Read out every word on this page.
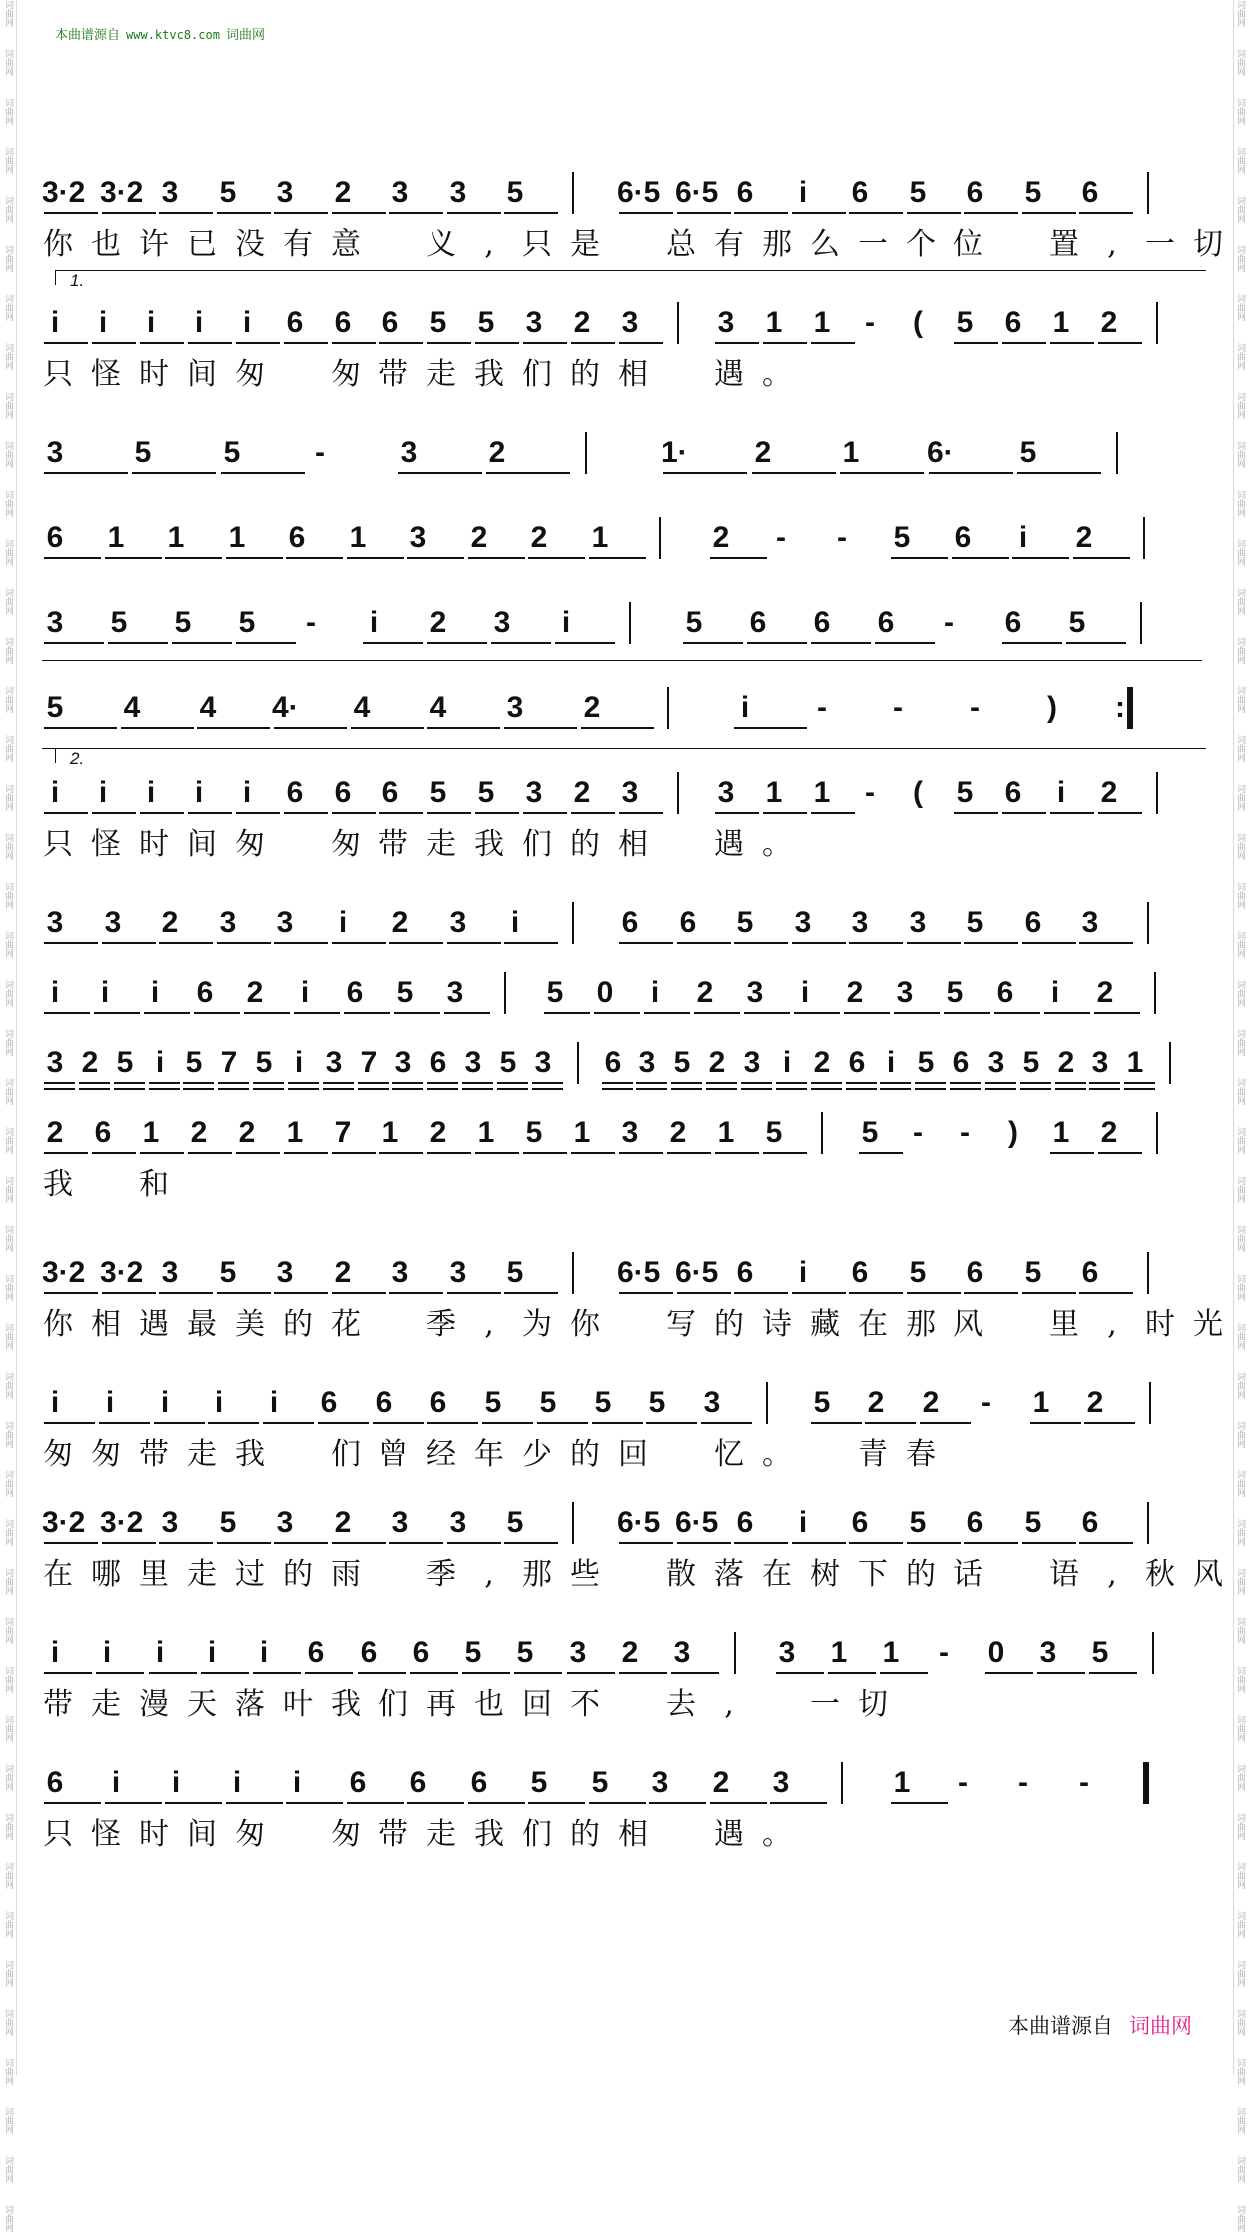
词曲网
词曲网
词曲网
词曲网
词曲网
词曲网
词曲网
词曲网
词曲网
词曲网
词曲网
词曲网
词曲网
词曲网
词曲网
词曲网
词曲网
词曲网
词曲网
词曲网
词曲网
词曲网
词曲网
词曲网
词曲网
词曲网
词曲网
词曲网
词曲网
词曲网
词曲网
词曲网
词曲网
词曲网
词曲网
词曲网
词曲网
词曲网
词曲网
词曲网
词曲网
词曲网
词曲网
词曲网
词曲网
词曲网
词曲网
词曲网
词曲网
词曲网
词曲网
词曲网
词曲网
词曲网
词曲网
词曲网
词曲网
词曲网
词曲网
词曲网
词曲网
词曲网
词曲网
词曲网
词曲网
词曲网
词曲网
词曲网
词曲网
词曲网
词曲网
词曲网
词曲网
词曲网
词曲网
词曲网
词曲网
词曲网
词曲网
词曲网
词曲网
词曲网
词曲网
词曲网
词曲网
词曲网
词曲网
词曲网
词曲网
词曲网
词曲网
词曲网
本曲谱源自 www.ktvc8.com 词曲网
3·2 3·2 3 5 3 2 3 3 5	6·5 6·5 6 i 6 5 6 5 6
你 也 许 已 没 有 意 义 , 只 是 总 有 那 么 一 个 位 置 , 一 切
i i i i i 6 6 6 5 5 3 2 3	3 1 1 - ( 5 6 1 2
只 怪 时 间 匆 匆 带 走 我 们 的 相 遇 。
3 5 5 -	3 2	1· 2 1 6· 5
6 1 1 1 6 1 3 2 2 1	2 - - 5 6 i 2
3 5 5 5 - i 2 3 i	5 6 6 6 - 6 5
5 4 4 4· 4 4 3 2	i - - - ) :
i i i i i 6 6 6 5 5 3 2 3	3 1 1 - ( 5 6 i 2
只 怪 时 间 匆 匆 带 走 我 们 的 相 遇 。
3 3 2 3 3 i 2 3 i	6 6 5 3 3 3 5 6 3
i i i 6 2 i 6 5 3	5 0 i 2 3 i 2 3 5 6 i 2
3 2 5 i 5 7 5 i 3 7 3 6 3 5 3 6 3 5 2 3 i 2 6 i 5 6 3 5 2 3 1
2 6 1 2 2 1 7 1 2 1 5 1 3 2 1 5	5 - - ) 1 2
我 和
3·2 3·2 3 5 3 2 3 3 5	6·5 6·5 6 i 6 5 6 5 6
你 相 遇 最 美 的 花 季 , 为 你 写 的 诗 藏 在 那 风 里 , 时 光
i i i i i 6 6 6 5 5 5 5 3	5 2 2 - 1 2
匆 匆 带 走 我 们 曾 经 年 少 的 回 忆 。 青 春
3·2 3·2 3 5 3 2 3 3 5	6·5 6·5 6 i 6 5 6 5 6
在 哪 里 走 过 的 雨 季 , 那 些 散 落 在 树 下 的 话 语 , 秋 风
i i i i i 6 6 6 5 5 3 2 3	3 1 1 - 0 3 5
带 走 漫 天 落 叶 我 们 再 也 回 不 去 ,	一 切
6 i i i i 6 6 6 5 5 3 2 3	1 - - -
只 怪 时 间 匆 匆 带 走 我 们 的 相 遇 。
本曲谱源自 词曲网
1.
2.
